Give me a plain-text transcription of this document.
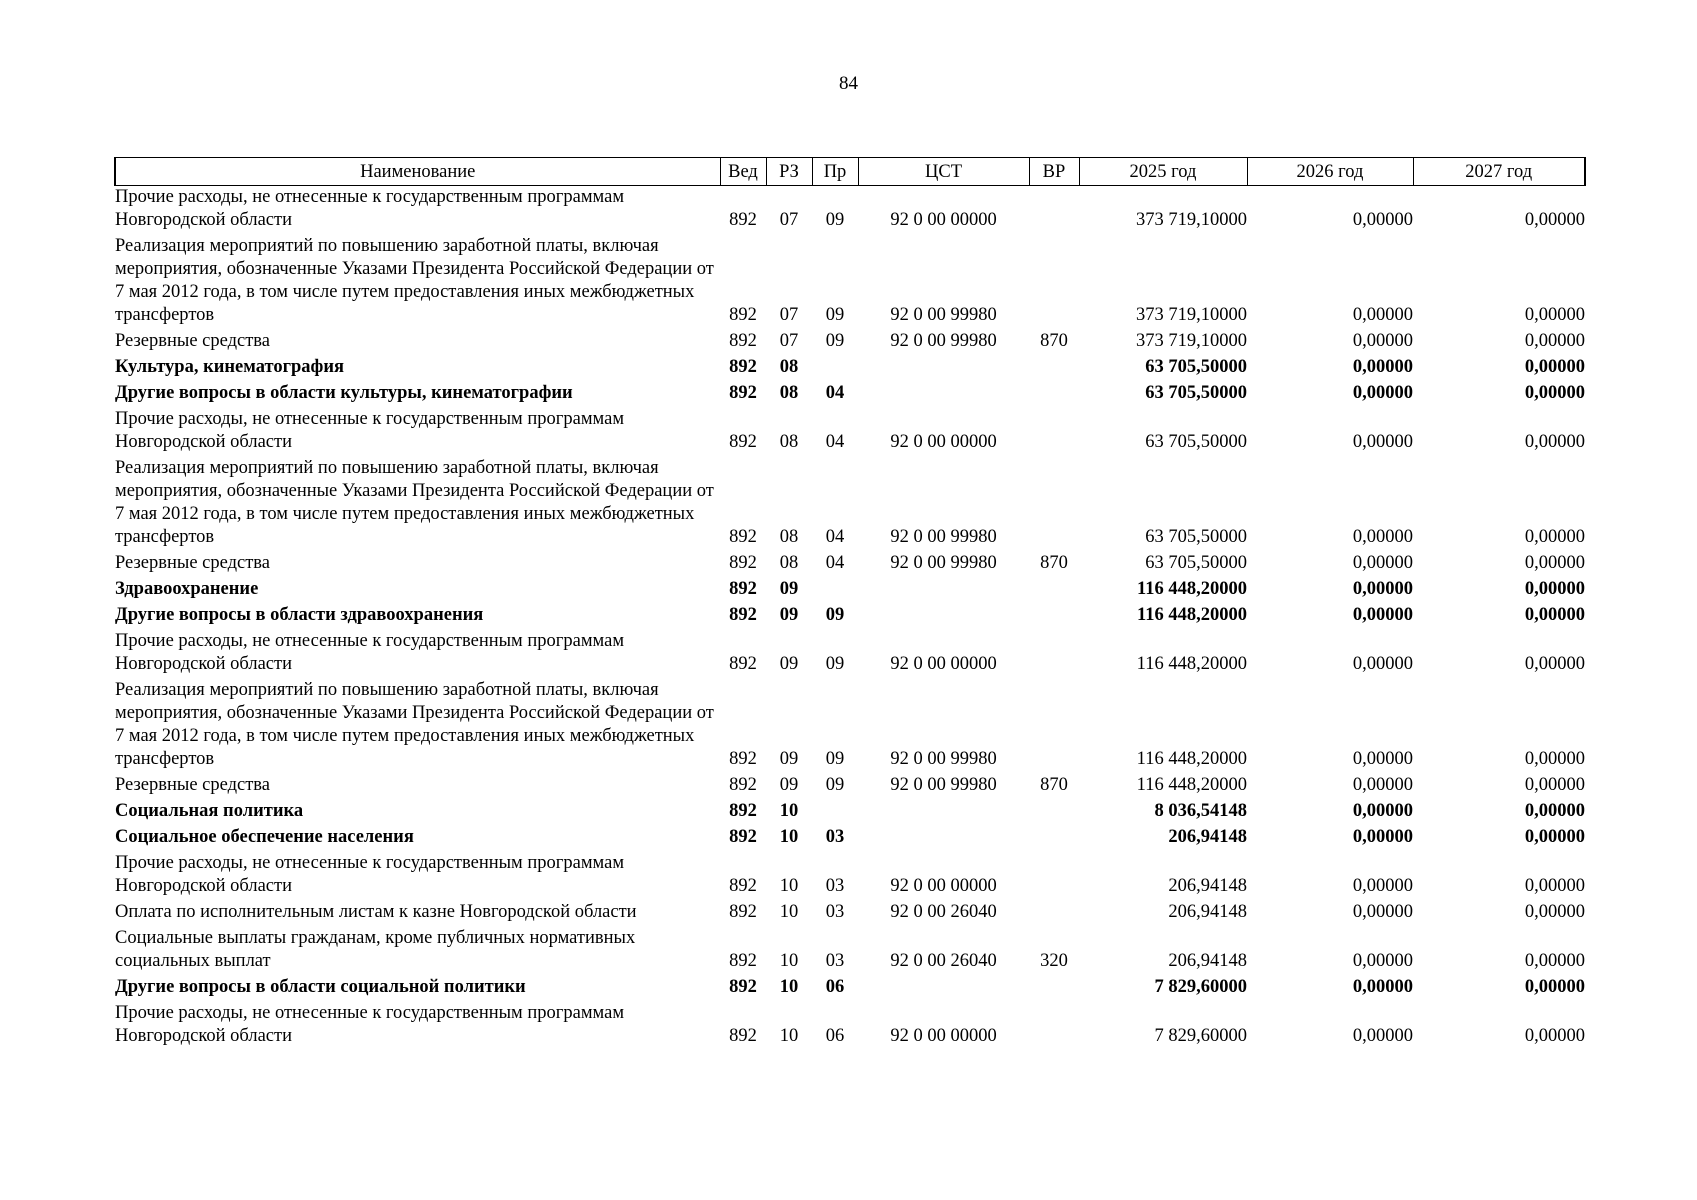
84
Наименование	Вед	РЗ	Пр	ЦСТ	ВР	2025 год	2026 год	2027 год
Прочие расходы, не отнесенные к государственным программам Новгородской области	892	07	09	92 0 00 00000		373 719,10000	0,00000	0,00000
Реализация мероприятий по повышению заработной платы, включая мероприятия, обозначенные Указами Президента Российской Федерации от 7 мая 2012 года, в том числе путем предоставления иных межбюджетных трансфертов	892	07	09	92 0 00 99980		373 719,10000	0,00000	0,00000
Резервные средства	892	07	09	92 0 00 99980	870	373 719,10000	0,00000	0,00000
Культура, кинематография	892	08				63 705,50000	0,00000	0,00000
Другие вопросы в области культуры, кинематографии	892	08	04			63 705,50000	0,00000	0,00000
Прочие расходы, не отнесенные к государственным программам Новгородской области	892	08	04	92 0 00 00000		63 705,50000	0,00000	0,00000
Реализация мероприятий по повышению заработной платы, включая мероприятия, обозначенные Указами Президента Российской Федерации от 7 мая 2012 года, в том числе путем предоставления иных межбюджетных трансфертов	892	08	04	92 0 00 99980		63 705,50000	0,00000	0,00000
Резервные средства	892	08	04	92 0 00 99980	870	63 705,50000	0,00000	0,00000
Здравоохранение	892	09				116 448,20000	0,00000	0,00000
Другие вопросы в области здравоохранения	892	09	09			116 448,20000	0,00000	0,00000
Прочие расходы, не отнесенные к государственным программам Новгородской области	892	09	09	92 0 00 00000		116 448,20000	0,00000	0,00000
Реализация мероприятий по повышению заработной платы, включая мероприятия, обозначенные Указами Президента Российской Федерации от 7 мая 2012 года, в том числе путем предоставления иных межбюджетных трансфертов	892	09	09	92 0 00 99980		116 448,20000	0,00000	0,00000
Резервные средства	892	09	09	92 0 00 99980	870	116 448,20000	0,00000	0,00000
Социальная политика	892	10				8 036,54148	0,00000	0,00000
Социальное обеспечение населения	892	10	03			206,94148	0,00000	0,00000
Прочие расходы, не отнесенные к государственным программам Новгородской области	892	10	03	92 0 00 00000		206,94148	0,00000	0,00000
Оплата по исполнительным листам к казне Новгородской области	892	10	03	92 0 00 26040		206,94148	0,00000	0,00000
Социальные выплаты гражданам, кроме публичных нормативных социальных выплат	892	10	03	92 0 00 26040	320	206,94148	0,00000	0,00000
Другие вопросы в области социальной политики	892	10	06			7 829,60000	0,00000	0,00000
Прочие расходы, не отнесенные к государственным программам Новгородской области	892	10	06	92 0 00 00000		7 829,60000	0,00000	0,00000
